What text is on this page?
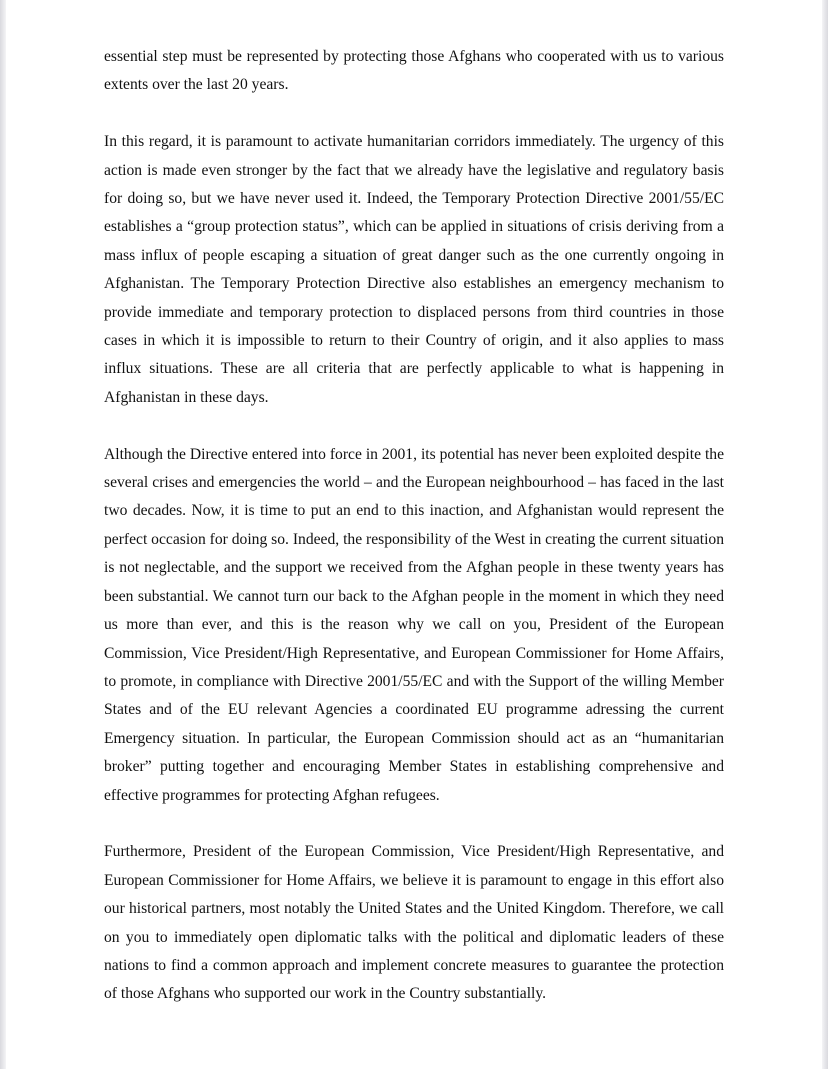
essential step must be represented by protecting those Afghans who cooperated with us to various extents over the last 20 years.

In this regard, it is paramount to activate humanitarian corridors immediately. The urgency of this action is made even stronger by the fact that we already have the legislative and regulatory basis for doing so, but we have never used it. Indeed, the Temporary Protection Directive 2001/55/EC establishes a “group protection status”, which can be applied in situations of crisis deriving from a mass influx of people escaping a situation of great danger such as the one currently ongoing in Afghanistan. The Temporary Protection Directive also establishes an emergency mechanism to provide immediate and temporary protection to displaced persons from third countries in those cases in which it is impossible to return to their Country of origin, and it also applies to mass influx situations. These are all criteria that are perfectly applicable to what is happening in Afghanistan in these days.

Although the Directive entered into force in 2001, its potential has never been exploited despite the several crises and emergencies the world – and the European neighbourhood – has faced in the last two decades. Now, it is time to put an end to this inaction, and Afghanistan would represent the perfect occasion for doing so. Indeed, the responsibility of the West in creating the current situation is not neglectable, and the support we received from the Afghan people in these twenty years has been substantial. We cannot turn our back to the Afghan people in the moment in which they need us more than ever, and this is the reason why we call on you, President of the European Commission, Vice President/High Representative, and European Commissioner for Home Affairs, to promote, in compliance with Directive 2001/55/EC and with the Support of the willing Member States and of the EU relevant Agencies a coordinated EU programme adressing the current Emergency situation. In particular, the European Commission should act as an “humanitarian broker” putting together and encouraging Member States in establishing comprehensive and effective programmes for protecting Afghan refugees.

Furthermore, President of the European Commission, Vice President/High Representative, and European Commissioner for Home Affairs, we believe it is paramount to engage in this effort also our historical partners, most notably the United States and the United Kingdom. Therefore, we call on you to immediately open diplomatic talks with the political and diplomatic leaders of these nations to find a common approach and implement concrete measures to guarantee the protection of those Afghans who supported our work in the Country substantially.
